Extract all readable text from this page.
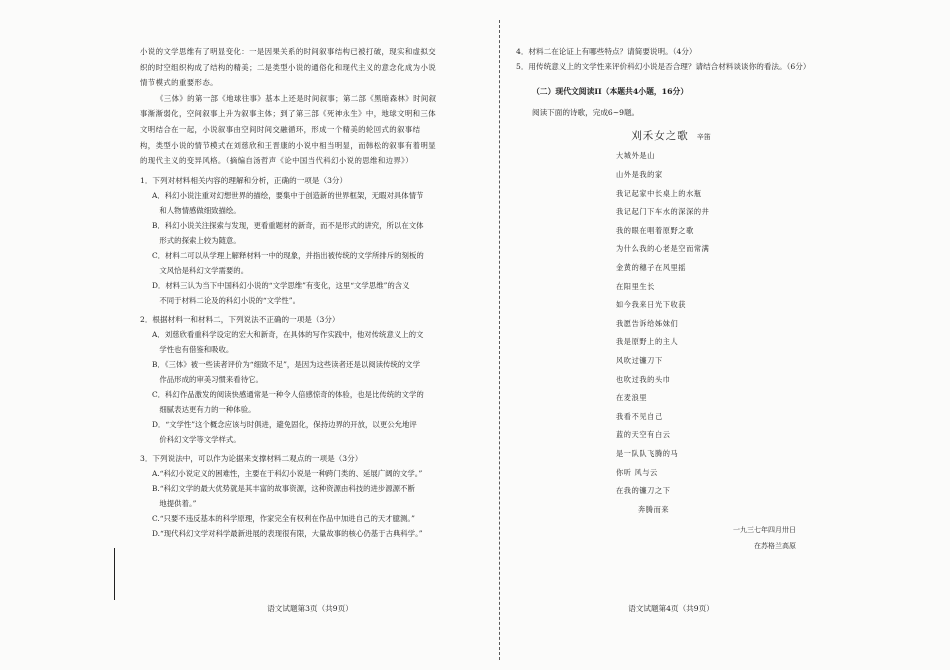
小说的文学思维有了明显变化：一是因果关系的时间叙事结构已被打破，现实和虚拟交

织的时空组织构成了结构的精美；二是类型小说的通俗化和现代主义的意念化成为小说

情节模式的重要形态。

《三体》的第一部《地球往事》基本上还是时间叙事；第二部《黑暗森林》时间叙

事渐渐弱化，空间叙事上升为叙事主体；到了第三部《死神永生》中，地球文明和三体

文明结合在一起，小说叙事由空间时间交融循环，形成一个精美的轮回式的叙事结

构，类型小说的情节模式在刘慈欣和王晋康的小说中相当明显，而韩松的叙事有着明显

的现代主义的变异风格。（摘编自汤哲声《论中国当代科幻小说的思维和边界》）

1．下列对材料相关内容的理解和分析，正确的一项是（3分）

A．科幻小说注重对幻想世界的描绘，要集中于创造新的世界框架，无暇对具体情节
 和人物情感做细致描绘。

B．科幻小说关注探索与发现，更看重题材的新奇，而不是形式的讲究，所以在文体
 形式的探索上较为随意。

C．材料二可以从学理上解释材料一中的现象，并指出被传统的文学所排斥的刻板的
 文风恰是科幻文学需要的。

D．材料三认为当下中国科幻小说的“文学思维”有变化，这里“文学思维”的含义
 不同于材料二论及的科幻小说的“文学性”。

2．根据材料一和材料二，下列说法不正确的一项是（3分）

A．刘慈欣看重科学设定的宏大和新奇，在具体的写作实践中，他对传统意义上的文
 学性也有借鉴和吸收。

B．《三体》被一些读者评价为“细致不足”，是因为这些读者还是以阅读传统的文学
 作品形成的审美习惯来看待它。

C．科幻作品激发的阅读快感通常是一种令人倍感惊奇的体验，也是比传统的文学的
 细腻表达更有力的一种体验。

D．“文学性”这个概念应该与时俱进，避免固化，保持边界的开放，以更公允地评
 价科幻文学等文学样式。

3．下列说法中，可以作为论据来支撑材料二观点的一项是（3分）

A.“科幻小说定义的困难性，主要在于科幻小说是一种跨门类的、延展广阔的文学。”

B.“科幻文学的最大优势就是其丰富的故事资源，这种资源由科技的进步源源不断
 地提供着。”

C.“只要不违反基本的科学原理，作家完全有权利在作品中加进自己的天才臆测。”

D.“现代科幻文学对科学最新进展的表现很有限，大量故事的核心仍基于古典科学。”

语文试题第3页（共9页）

4．材料二在论证上有哪些特点？请简要说明。（4分）

5．用传统意义上的文学性来评价科幻小说是否合理？请结合材料谈谈你的看法。（6分）

（二）现代文阅读II（本题共4小题，16分）

阅读下面的诗歌，完成6~9题。

刈禾女之歌 辛笛
大城外是山
山外是我的家
我记起家中长桌上的水瓶
我记起门下车水的深深的井
我的眼在唱着原野之歌
为什么我的心老是空而常满
金黄的穗子在风里摇
在阳里生长
如今我来日光下收获
我愿告诉给姊妹们
我是原野上的主人
风吹过镰刀下
也吹过我的头巾
在麦浪里
我看不见自己
蓝的天空有白云
是一队队飞腾的马
你听 风与云
在我的镰刀之下
奔腾而来
一九三七年四月卅日
在苏格兰高原
语文试题第4页（共9页）
